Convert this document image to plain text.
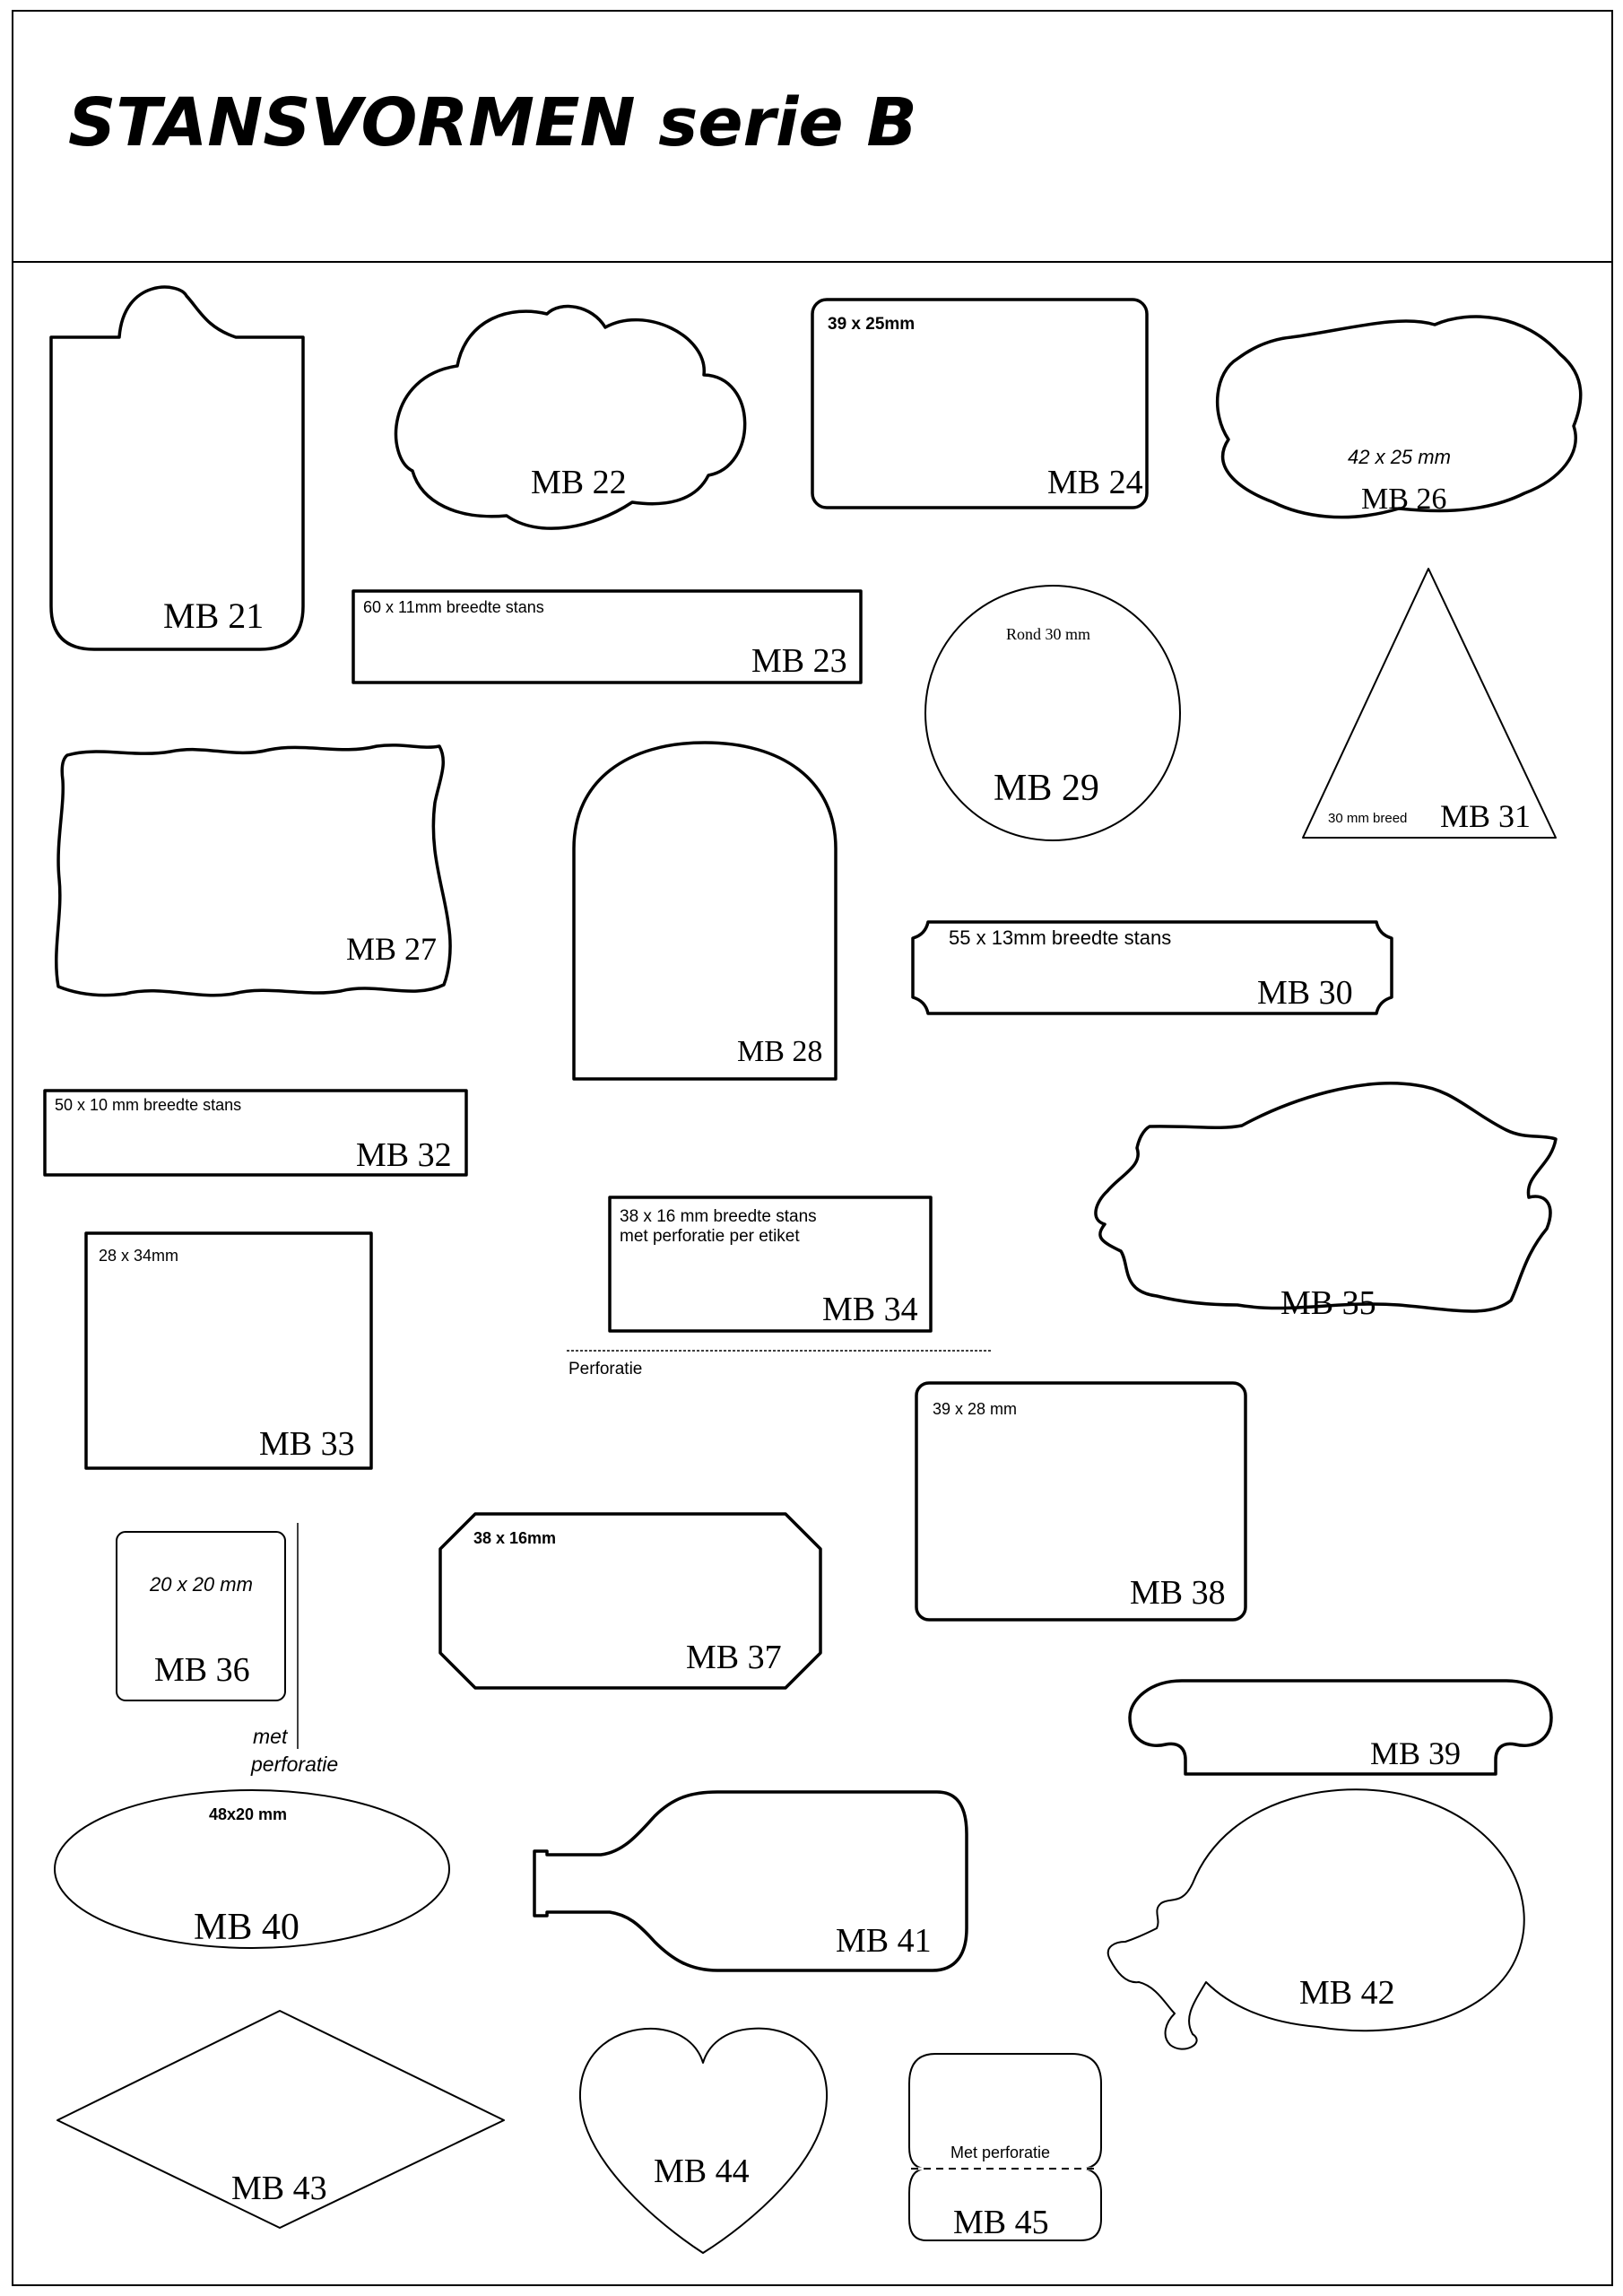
STANSVORMEN serie B
MB 21
MB 22
39 x 25mm
MB 24
42 x 25 mm
MB 26
60 x 11mm breedte stans
MB 23
Rond 30 mm
MB 29
30 mm breed MB 31
MB 27
MB 28
55 x 13mm breedte stans
MB 30
50 x 10 mm breedte stans
MB 32
MB 35
38 x 16 mm breedte stans
met perforatie per etiket
MB 34
Perforatie
28 x 34mm
MB 33
39 x 28 mm
MB 38
20 x 20 mm
MB 36
met
perforatie
38 x 16mm
MB 37
MB 39
48x20 mm
MB 40	MB 41
MB 42
MB 43	MB 44	Met perforatie
MB 45
